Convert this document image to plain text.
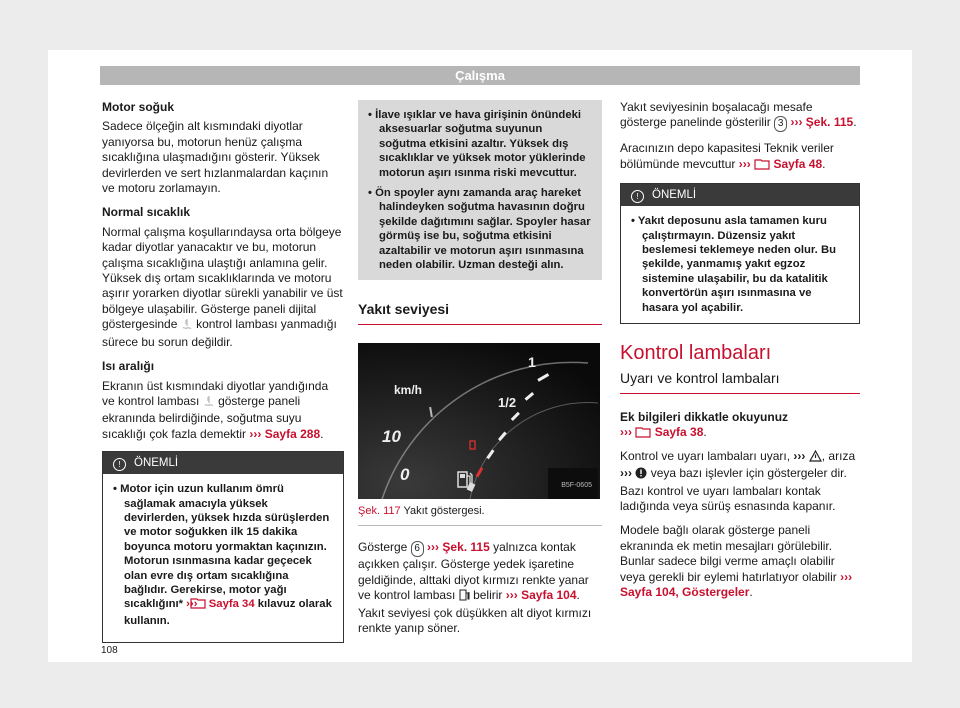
Çalışma

Motor soğuk

Sadece ölçeğin alt kısmındaki diyotlar yanıyorsa bu, motorun henüz çalışma sıcaklığına ulaşmadığını gösterir. Yüksek devirlerden ve sert hızlanmalardan kaçının ve motoru zorlamayın.

Normal sıcaklık

Normal çalışma koşullarındaysa orta bölgeye kadar diyotlar yanacaktır ve bu, motorun çalışma sıcaklığına ulaştığı anlamına gelir. Yüksek dış ortam sıcaklıklarında ve motoru aşırır yorarken diyotlar sürekli yanabilir ve üst bölgeye ulaşabilir. Gösterge paneli dijital göstergesinde kontrol lambası yanmadığı sürece bu sorun değildir.

Isı aralığı

Ekranın üst kısmındaki diyotlar yandığında ve kontrol lambası gösterge paneli ekranında belirdiğinde, soğutma suyu sıcaklığı çok fazla demektir ››› Sayfa 288.

! ÖNEMLİ
• Motor için uzun kullanım ömrü sağlamak amacıyla yüksek devirlerden, yüksek hızda sürüşlerden ve motor soğukken ilk 15 dakika boyunca motoru yormaktan kaçınızın. Motorun ısınmasına kadar geçecek olan evre dış ortam sıcaklığına bağlıdır. Gerekirse, motor yağı sıcaklığını* ››› Sayfa 34 kılavuz olarak kullanın.
• İlave ışıklar ve hava girişinin önündeki aksesuarlar soğutma suyunun soğutma etkisini azaltır. Yüksek dış sıcaklıklar ve yüksek motor yüklerinde motorun aşırı ısınma riski mevcuttur.
• Ön spoyler aynı zamanda araç hareket halindeyken soğutma havasının doğru şekilde dağıtımını sağlar. Spoyler hasar görmüş ise bu, soğutma etkisini azaltabilir ve motorun aşırı ısınmasına neden olabilir. Uzman desteği alın.
Yakıt seviyesi
1
1/2
km/h
10
0
B5F-0605
Şek. 117 Yakıt göstergesi.

Gösterge 6 ››› Şek. 115 yalnızca kontak açıkken çalışır. Gösterge yedek işaretine geldiğinde, alttaki diyot kırmızı renkte yanar ve kontrol lambası belirir ››› Sayfa 104. Yakıt seviyesi çok düşükken alt diyot kırmızı renkte yanıp söner.

Yakıt seviyesinin boşalacağı mesafe gösterge panelinde gösterilir 3 ››› Şek. 115.

Aracınızın depo kapasitesi Teknik veriler bölümünde mevcuttur ››› Sayfa 48.

! ÖNEMLİ
• Yakıt deposunu asla tamamen kuru çalıştırmayın. Düzensiz yakıt beslemesi teklemeye neden olur. Bu şekilde, yanmamış yakıt egzoz sistemine ulaşabilir, bu da katalitik konvertörün aşırı ısınmasına ve hasara yol açabilir.
Kontrol lambaları
Uyarı ve kontrol lambaları

Ek bilgileri dikkatle okuyunuz
››› Sayfa 38.

Kontrol ve uyarı lambaları uyarı, ››› , arıza ››› veya bazı işlevler için göstergeler dir. Bazı kontrol ve uyarı lambaları kontak ladığında veya sürüş esnasında kapanır.

Modele bağlı olarak gösterge paneli ekranında ek metin mesajları görülebilir. Bunlar sadece bilgi verme amaçlı olabilir veya gerekli bir eylemi hatırlatıyor olabilir ››› Sayfa 104, Göstergeler.

108
